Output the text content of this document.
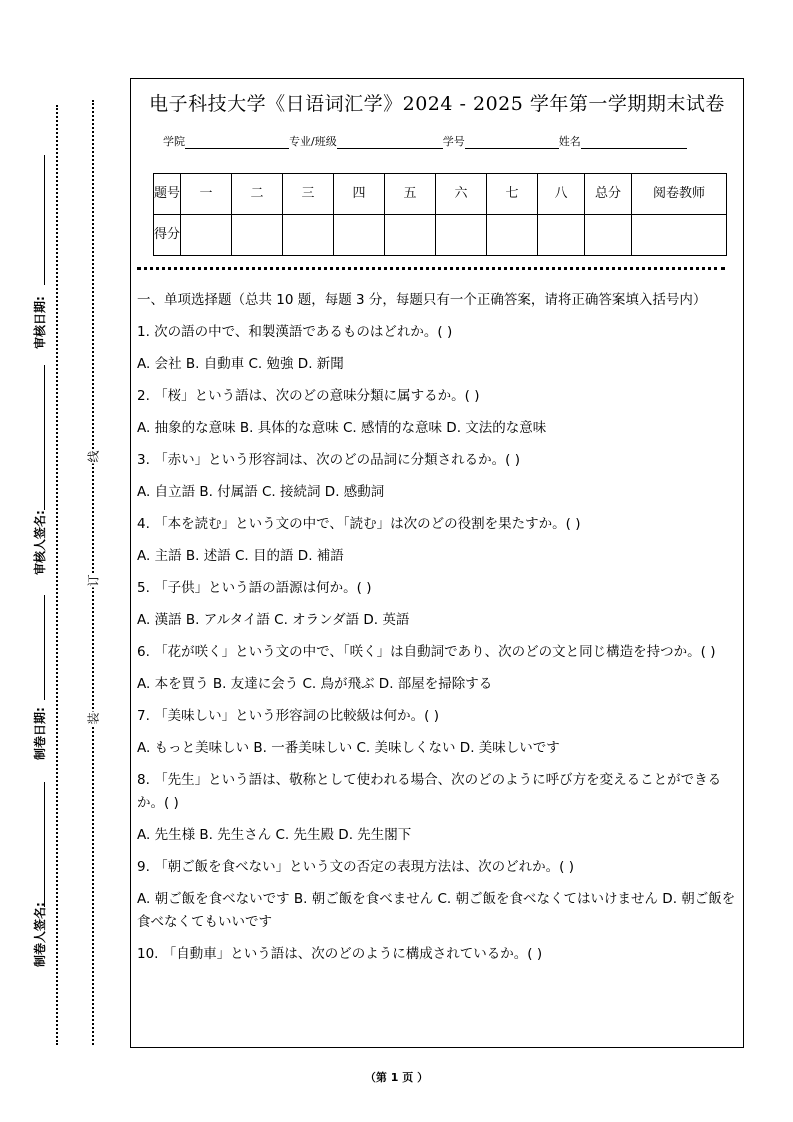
审核日期:
审核人签名:
制卷日期:
制卷人签名:
线
订
装
电子科技大学《日语词汇学》2024 - 2025 学年第一学期期末试卷
学院	专业/班级	学号	姓名
题号	一	二	三	四	五	六	七	八	总分	阅卷教师
得分										

一、单项选择题（总共 10 题，每题 3 分，每题只有一个正确答案，请将正确答案填入括号内）

1. 次の語の中で、和製漢語であるものはどれか。( )

A. 会社 B. 自動車 C. 勉強 D. 新聞

2. 「桜」という語は、次のどの意味分類に属するか。( )

A. 抽象的な意味 B. 具体的な意味 C. 感情的な意味 D. 文法的な意味

3. 「赤い」という形容詞は、次のどの品詞に分類されるか。( )

A. 自立語 B. 付属語 C. 接続詞 D. 感動詞

4. 「本を読む」という文の中で、「読む」は次のどの役割を果たすか。( )

A. 主語 B. 述語 C. 目的語 D. 補語

5. 「子供」という語の語源は何か。( )

A. 漢語 B. アルタイ語 C. オランダ語 D. 英語

6. 「花が咲く」という文の中で、「咲く」は自動詞であり、次のどの文と同じ構造を持つか。( )

A. 本を買う B. 友達に会う C. 鳥が飛ぶ D. 部屋を掃除する

7. 「美味しい」という形容詞の比較級は何か。( )

A. もっと美味しい B. 一番美味しい C. 美味しくない D. 美味しいです

8. 「先生」という語は、敬称として使われる場合、次のどのように呼び方を変えることができるか。( )

A. 先生様 B. 先生さん C. 先生殿 D. 先生閣下

9. 「朝ご飯を食べない」という文の否定の表現方法は、次のどれか。( )

A. 朝ご飯を食べないです B. 朝ご飯を食べません C. 朝ご飯を食べなくてはいけません D. 朝ご飯を食べなくてもいいです

10. 「自動車」という語は、次のどのように構成されているか。( )

（第 1 页 ）
